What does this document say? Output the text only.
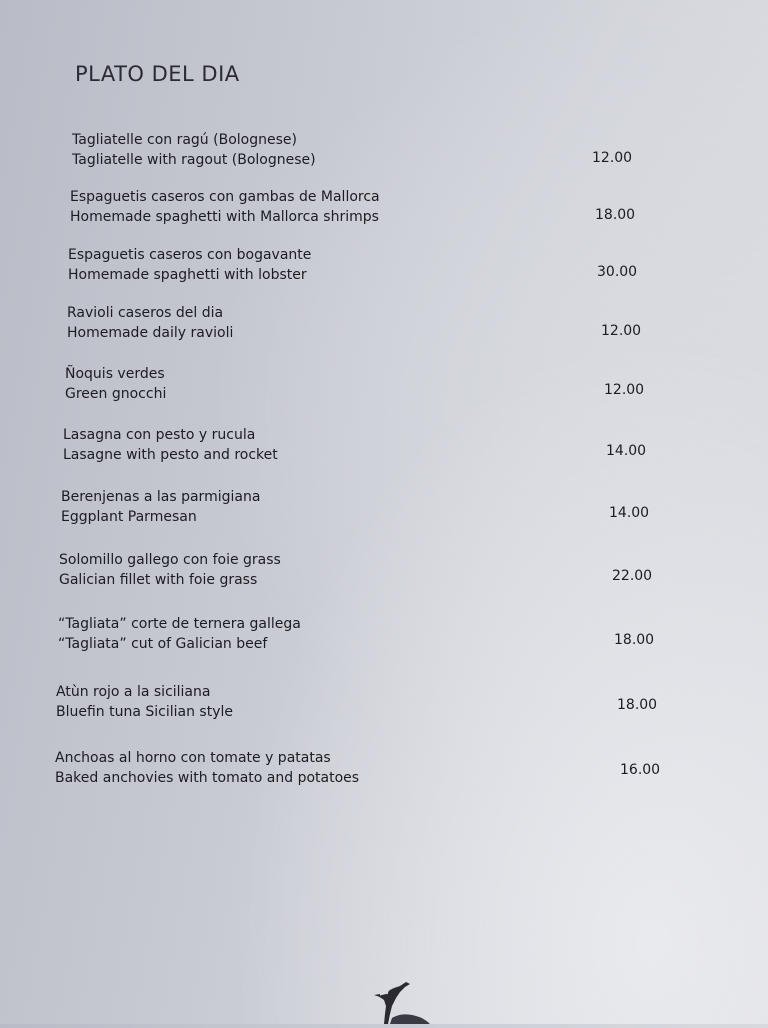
PLATO DEL DIA
Tagliatelle con ragú (Bolognese)
Tagliatelle with ragout (Bolognese)	12.00
Espaguetis caseros con gambas de Mallorca
Homemade spaghetti with Mallorca shrimps	18.00
Espaguetis caseros con bogavante
Homemade spaghetti with lobster	30.00
Ravioli caseros del dia
Homemade daily ravioli	12.00
Ñoquis verdes
Green gnocchi	12.00
Lasagna con pesto y rucula
Lasagne with pesto and rocket	14.00
Berenjenas a las parmigiana
Eggplant Parmesan	14.00
Solomillo gallego con foie grass
Galician fillet with foie grass	22.00
“Tagliata” corte de ternera gallega
“Tagliata” cut of Galician beef	18.00
Atùn rojo a la siciliana
Bluefin tuna Sicilian style	18.00
Anchoas al horno con tomate y patatas
Baked anchovies with tomato and potatoes	16.00
